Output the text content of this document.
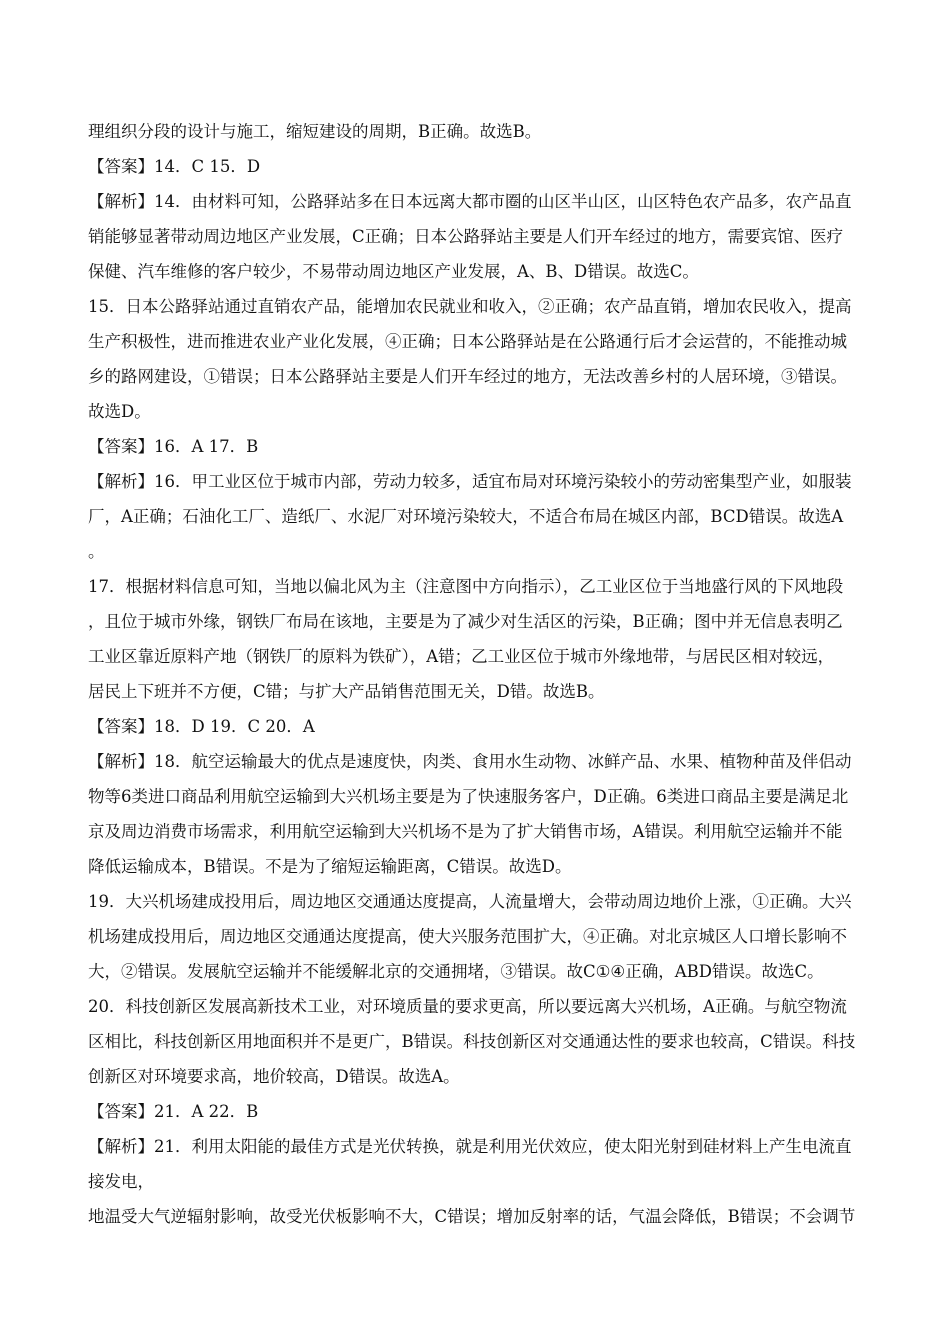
理组织分段的设计与施工，缩短建设的周期，B正确。故选B。

【答案】14．C 15．D

【解析】14．由材料可知，公路驿站多在日本远离大都市圈的山区半山区，山区特色农产品多，农产品直

销能够显著带动周边地区产业发展，C正确；日本公路驿站主要是人们开车经过的地方，需要宾馆、医疗

保健、汽车维修的客户较少，不易带动周边地区产业发展，A、B、D错误。故选C。

15．日本公路驿站通过直销农产品，能增加农民就业和收入，②正确；农产品直销，增加农民收入，提高

生产积极性，进而推进农业产业化发展，④正确；日本公路驿站是在公路通行后才会运营的，不能推动城

乡的路网建设，①错误；日本公路驿站主要是人们开车经过的地方，无法改善乡村的人居环境，③错误。

故选D。

【答案】16．A 17．B

【解析】16．甲工业区位于城市内部，劳动力较多，适宜布局对环境污染较小的劳动密集型产业，如服装

厂，A正确；石油化工厂、造纸厂、水泥厂对环境污染较大，不适合布局在城区内部，BCD错误。故选A

。

17．根据材料信息可知，当地以偏北风为主（注意图中方向指示），乙工业区位于当地盛行风的下风地段

，且位于城市外缘，钢铁厂布局在该地，主要是为了减少对生活区的污染，B正确；图中并无信息表明乙

工业区靠近原料产地（钢铁厂的原料为铁矿），A错；乙工业区位于城市外缘地带，与居民区相对较远，

居民上下班并不方便，C错；与扩大产品销售范围无关，D错。故选B。

【答案】18．D 19．C 20．A

【解析】18．航空运输最大的优点是速度快，肉类、食用水生动物、冰鲜产品、水果、植物种苗及伴侣动

物等6类进口商品利用航空运输到大兴机场主要是为了快速服务客户，D正确。6类进口商品主要是满足北

京及周边消费市场需求，利用航空运输到大兴机场不是为了扩大销售市场，A错误。利用航空运输并不能

降低运输成本，B错误。不是为了缩短运输距离，C错误。故选D。

19．大兴机场建成投用后，周边地区交通通达度提高，人流量增大，会带动周边地价上涨，①正确。大兴

机场建成投用后，周边地区交通通达度提高，使大兴服务范围扩大，④正确。对北京城区人口增长影响不

大，②错误。发展航空运输并不能缓解北京的交通拥堵，③错误。故C①④正确，ABD错误。故选C。

20．科技创新区发展高新技术工业，对环境质量的要求更高，所以要远离大兴机场，A正确。与航空物流

区相比，科技创新区用地面积并不是更广，B错误。科技创新区对交通通达性的要求也较高，C错误。科技

创新区对环境要求高，地价较高，D错误。故选A。

【答案】21．A 22．B

【解析】21．利用太阳能的最佳方式是光伏转换，就是利用光伏效应，使太阳光射到硅材料上产生电流直

接发电，

地温受大气逆辐射影响，故受光伏板影响不大，C错误；增加反射率的话，气温会降低，B错误；不会调节
